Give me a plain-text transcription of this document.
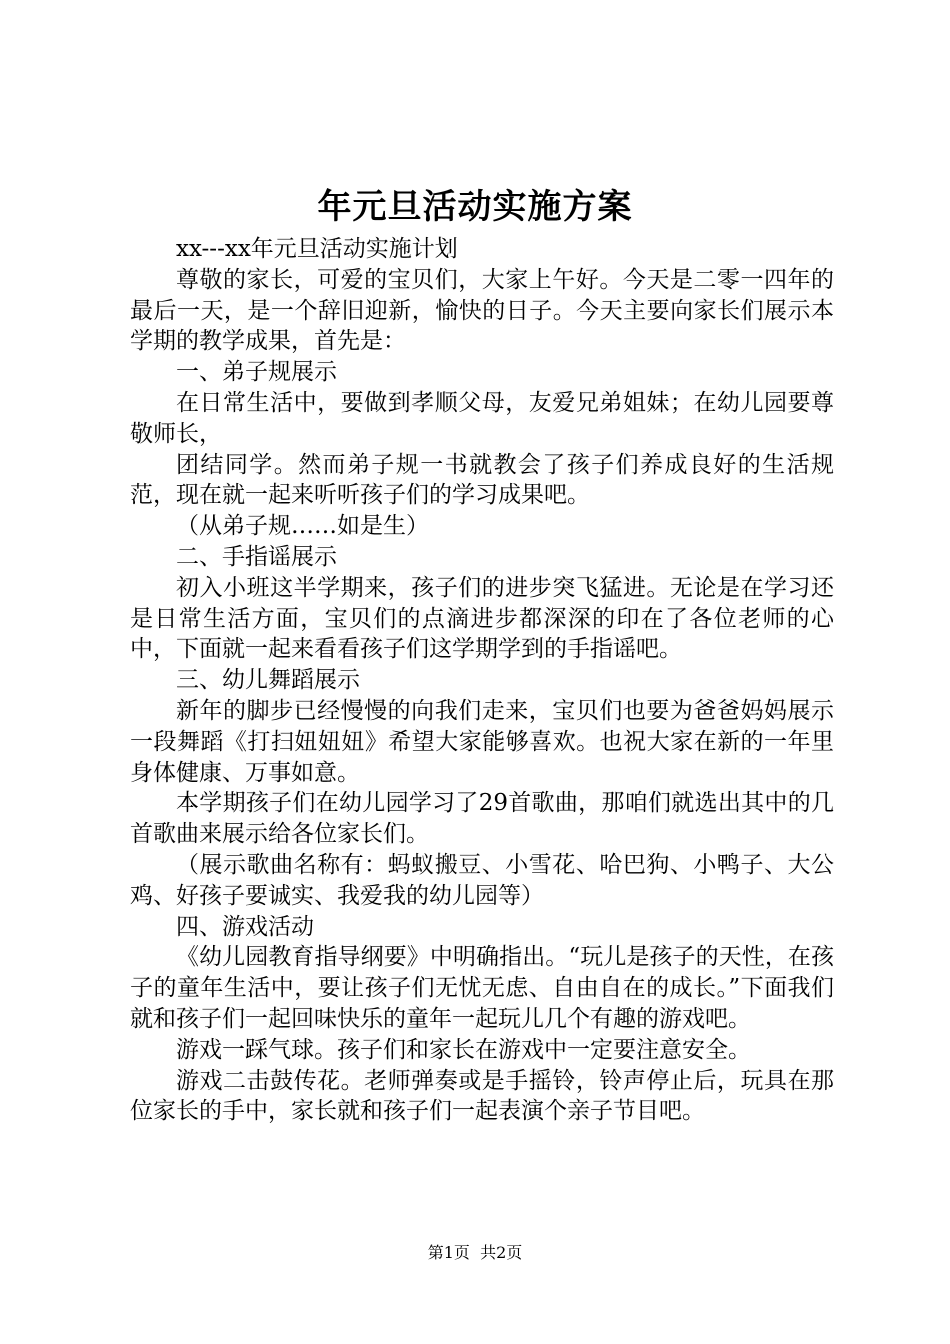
年元旦活动实施方案

xx---xx年元旦活动实施计划

尊敬的家长，可爱的宝贝们，大家上午好。今天是二零一四年的最后一天，是一个辞旧迎新，愉快的日子。今天主要向家长们展示本学期的教学成果，首先是：

一、弟子规展示

在日常生活中，要做到孝顺父母，友爱兄弟姐妹；在幼儿园要尊敬师长，

团结同学。然而弟子规一书就教会了孩子们养成良好的生活规范，现在就一起来听听孩子们的学习成果吧。

（从弟子规……如是生）

二、手指谣展示

初入小班这半学期来，孩子们的进步突飞猛进。无论是在学习还是日常生活方面，宝贝们的点滴进步都深深的印在了各位老师的心中，下面就一起来看看孩子们这学期学到的手指谣吧。

三、幼儿舞蹈展示

新年的脚步已经慢慢的向我们走来，宝贝们也要为爸爸妈妈展示一段舞蹈《打扫妞妞妞》希望大家能够喜欢。也祝大家在新的一年里身体健康、万事如意。

本学期孩子们在幼儿园学习了29首歌曲，那咱们就选出其中的几首歌曲来展示给各位家长们。

（展示歌曲名称有：蚂蚁搬豆、小雪花、哈巴狗、小鸭子、大公鸡、好孩子要诚实、我爱我的幼儿园等）

四、游戏活动

《幼儿园教育指导纲要》中明确指出。“玩儿是孩子的天性，在孩子的童年生活中，要让孩子们无忧无虑、自由自在的成长。”下面我们就和孩子们一起回味快乐的童年一起玩儿几个有趣的游戏吧。

游戏一踩气球。孩子们和家长在游戏中一定要注意安全。

游戏二击鼓传花。老师弹奏或是手摇铃，铃声停止后，玩具在那位家长的手中，家长就和孩子们一起表演个亲子节目吧。

第1页 共2页
